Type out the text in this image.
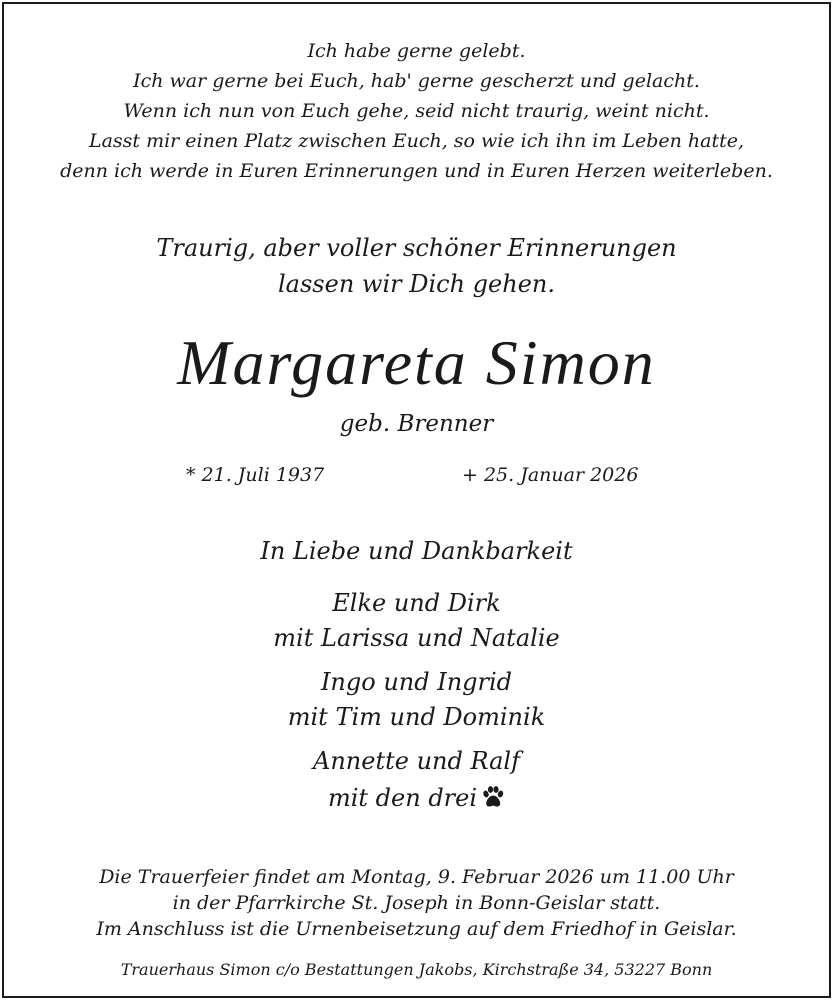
Ich habe gerne gelebt.
Ich war gerne bei Euch, hab' gerne gescherzt und gelacht.
Wenn ich nun von Euch gehe, seid nicht traurig, weint nicht.
Lasst mir einen Platz zwischen Euch, so wie ich ihn im Leben hatte,
denn ich werde in Euren Erinnerungen und in Euren Herzen weiterleben.
Traurig, aber voller schöner Erinnerungen
lassen wir Dich gehen.
Margareta Simon
geb. Brenner
* 21. Juli 1937	+ 25. Januar 2026
In Liebe und Dankbarkeit
Elke und Dirk
mit Larissa und Natalie
Ingo und Ingrid
mit Tim und Dominik
Annette und Ralf
mit den drei
Die Trauerfeier findet am Montag, 9. Februar 2026 um 11.00 Uhr
in der Pfarrkirche St. Joseph in Bonn-Geislar statt.
Im Anschluss ist die Urnenbeisetzung auf dem Friedhof in Geislar.
Trauerhaus Simon c/o Bestattungen Jakobs, Kirchstraße 34, 53227 Bonn
